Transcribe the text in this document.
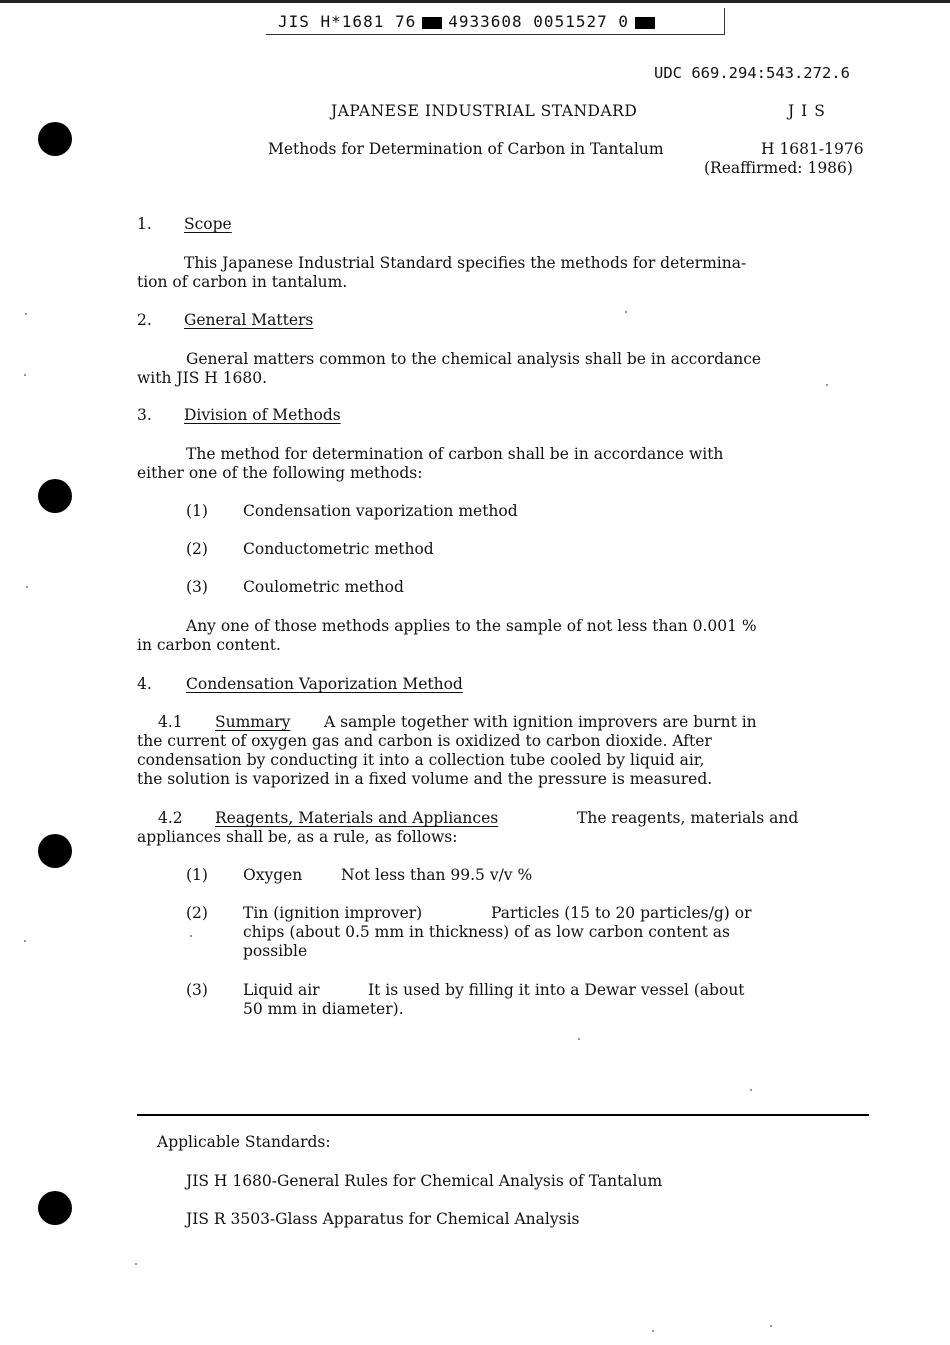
JIS H*1681 76 4933608 0051527 0
UDC 669.294:543.272.6
JAPANESE INDUSTRIAL STANDARD	J I S
Methods for Determination of Carbon in Tantalum	H 1681-1976
(Reaffirmed: 1986)
1. Scope
This Japanese Industrial Standard specifies the methods for determina-
tion of carbon in tantalum.
2. General Matters
General matters common to the chemical analysis shall be in accordance
with JIS H 1680.
3. Division of Methods
The method for determination of carbon shall be in accordance with
either one of the following methods:
(1) Condensation vaporization method
(2) Conductometric method
(3) Coulometric method
Any one of those methods applies to the sample of not less than 0.001 %
in carbon content.
4. Condensation Vaporization Method
4.1 Summary A sample together with ignition improvers are burnt in
the current of oxygen gas and carbon is oxidized to carbon dioxide. After
condensation by conducting it into a collection tube cooled by liquid air,
the solution is vaporized in a fixed volume and the pressure is measured.
4.2 Reagents, Materials and Appliances	The reagents, materials and
appliances shall be, as a rule, as follows:
(1) Oxygen Not less than 99.5 v/v %
(2) Tin (ignition improver)	Particles (15 to 20 particles/g) or
chips (about 0.5 mm in thickness) of as low carbon content as
possible
(3) Liquid air	It is used by filling it into a Dewar vessel (about
50 mm in diameter).
Applicable Standards:
JIS H 1680-General Rules for Chemical Analysis of Tantalum
JIS R 3503-Glass Apparatus for Chemical Analysis
